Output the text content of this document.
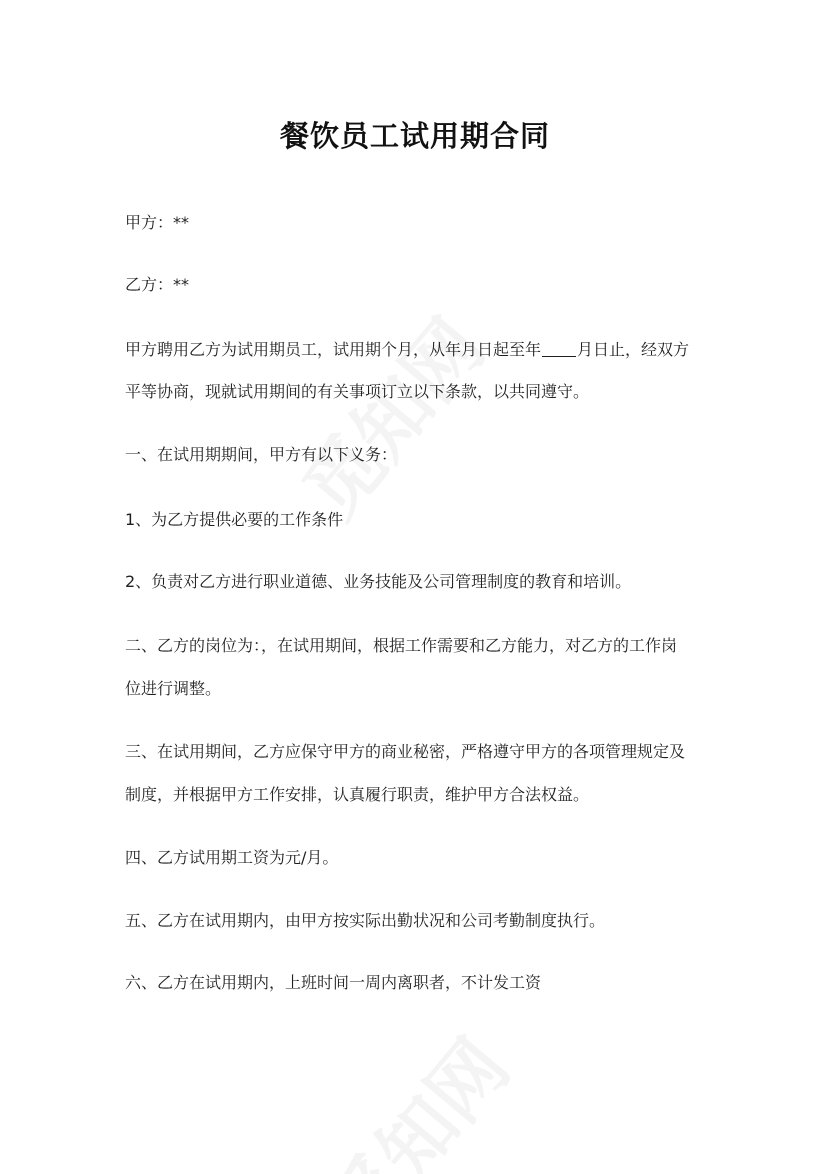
餐饮员工试用期合同
甲方：**
乙方：**
甲方聘用乙方为试用期员工，试用期个月，从年月日起至年 月日止，经双方
平等协商，现就试用期间的有关事项订立以下条款，以共同遵守。
一、在试用期期间，甲方有以下义务：
1、为乙方提供必要的工作条件
2、负责对乙方进行职业道德、业务技能及公司管理制度的教育和培训。
二、乙方的岗位为：，在试用期间，根据工作需要和乙方能力，对乙方的工作岗
位进行调整。
三、在试用期间，乙方应保守甲方的商业秘密，严格遵守甲方的各项管理规定及
制度，并根据甲方工作安排，认真履行职责，维护甲方合法权益。
四、乙方试用期工资为元/月。
五、乙方在试用期内，由甲方按实际出勤状况和公司考勤制度执行。
六、乙方在试用期内，上班时间一周内离职者，不计发工资
